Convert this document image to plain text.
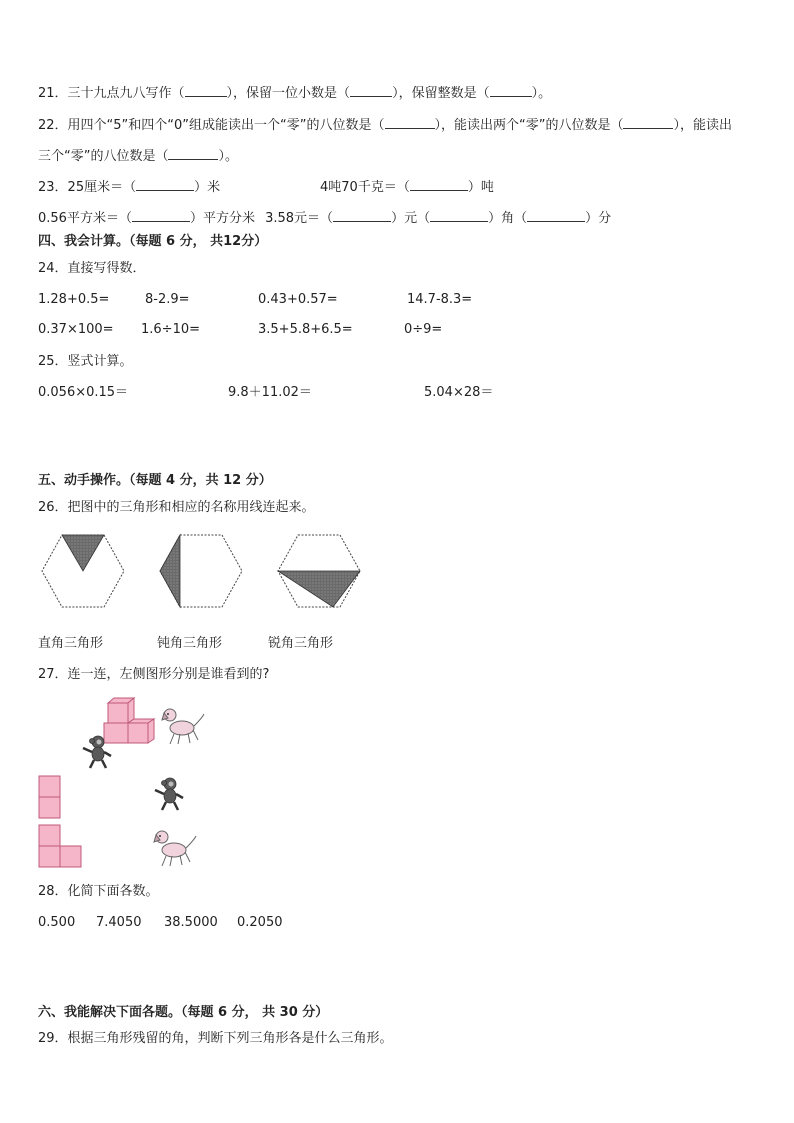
21．三十九点九八写作（	），保留一位小数是（	），保留整数是（	）。
22．用四个“5”和四个“0”组成能读出一个“零”的八位数是（	），能读出两个“零”的八位数是（	），能读出
三个“零”的八位数是（	）。
23．25厘米＝（	）米	4吨70千克＝（	）吨
0.56平方米＝（	）平方分米 3.58元＝（	）元（	）角（	）分
四、我会计算。（每题 6 分， 共12分）
24．直接写得数．
1.28+0.5=	8-2.9=	0.43+0.57=	14.7-8.3=
0.37×100= 1.6÷10=	3.5+5.8+6.5=	0÷9=
25．竖式计算。
0.056×0.15＝	9.8＋11.02＝	5.04×28＝
五、动手操作。（每题 4 分，共 12 分）
26．把图中的三角形和相应的名称用线连起来。
直角三角形	钝角三角形	锐角三角形
27．连一连，左侧图形分别是谁看到的?
28．化简下面各数。
0.500 7.4050 38.5000 0.2050
六、我能解决下面各题。（每题 6 分， 共 30 分）
29．根据三角形残留的角，判断下列三角形各是什么三角形。
